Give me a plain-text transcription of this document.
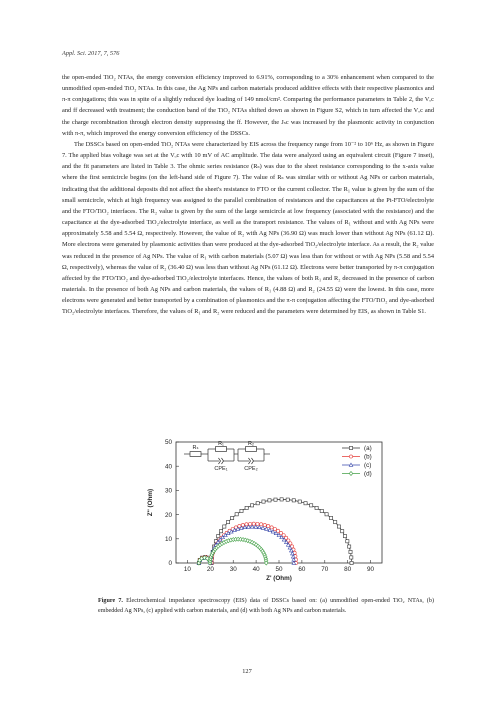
Appl. Sci. 2017, 7, 576

the open-ended TiO₂ NTAs, the energy conversion efficiency improved to 6.91%, corresponding to a 30% enhancement when compared to the unmodified open-ended TiO₂ NTAs. In this case, the Ag NPs and carbon materials produced additive effects with their respective plasmonics and π-π conjugations; this was in spite of a slightly reduced dye loading of 149 nmol/cm². Comparing the performance parameters in Table 2, the Vₒc and ff decreased with treatment; the conduction band of the TiO₂ NTAs shifted down as shown in Figure S2, which in turn affected the Vₒc and the charge recombination through electron density suppressing the ff. However, the Jₛc was increased by the plasmonic activity in conjunction with π-π, which improved the energy conversion efficiency of the DSSCs.

The DSSCs based on open-ended TiO₂ NTAs were characterized by EIS across the frequency range from 10⁻² to 10⁶ Hz, as shown in Figure 7. The applied bias voltage was set at the Vₒc with 10 mV of AC amplitude. The data were analyzed using an equivalent circuit (Figure 7 inset), and the fit parameters are listed in Table 3. The ohmic series resistance (Rₛ) was due to the sheet resistance corresponding to the x-axis value where the first semicircle begins (on the left-hand side of Figure 7). The value of Rₛ was similar with or without Ag NPs or carbon materials, indicating that the additional deposits did not affect the sheet's resistance to FTO or the current collector. The R₁ value is given by the sum of the small semicircle, which at high frequency was assigned to the parallel combination of resistances and the capacitances at the Pt-FTO/electrolyte and the FTO/TiO₂ interfaces. The R₂ value is given by the sum of the large semicircle at low frequency (associated with the resistance) and the capacitance at the dye-adsorbed TiO₂/electrolyte interface, as well as the transport resistance. The values of R₁ without and with Ag NPs were approximately 5.58 and 5.54 Ω, respectively. However, the value of R₂ with Ag NPs (36.90 Ω) was much lower than without Ag NPs (61.12 Ω). More electrons were generated by plasmonic activities than were produced at the dye-adsorbed TiO₂/electrolyte interface. As a result, the R₂ value was reduced in the presence of Ag NPs. The value of R₁ with carbon materials (5.07 Ω) was less than for without or with Ag NPs (5.58 and 5.54 Ω, respectively), whereas the value of R₂ (36.40 Ω) was less than without Ag NPs (61.12 Ω). Electrons were better transported by π-π conjugation affected by the FTO/TiO₂ and dye-adsorbed TiO₂/electrolyte interfaces. Hence, the values of both R₁ and R₂ decreased in the presence of carbon materials. In the presence of both Ag NPs and carbon materials, the values of R₁ (4.88 Ω) and R₂ (24.55 Ω) were the lowest. In this case, more electrons were generated and better transported by a combination of plasmonics and the π-π conjugation affecting the FTO/TiO₂ and dye-adsorbed TiO₂/electrolyte interfaces. Therefore, the values of R₁ and R₂ were reduced and the parameters were determined by EIS, as shown in Table S1.

10	20	30	40	50	60	70	80	90
0
10
20
30
40
50
Z' (Ohm)
Z'' (Ohm)
Rₛ
R₁	R₂
CPE₁	CPE₂
(a)
(b)
(c)
(d)
Figure 7. Electrochemical impedance spectroscopy (EIS) data of DSSCs based on: (a) unmodified open-ended TiO₂ NTAs, (b) embedded Ag NPs, (c) applied with carbon materials, and (d) with both Ag NPs and carbon materials.
127
